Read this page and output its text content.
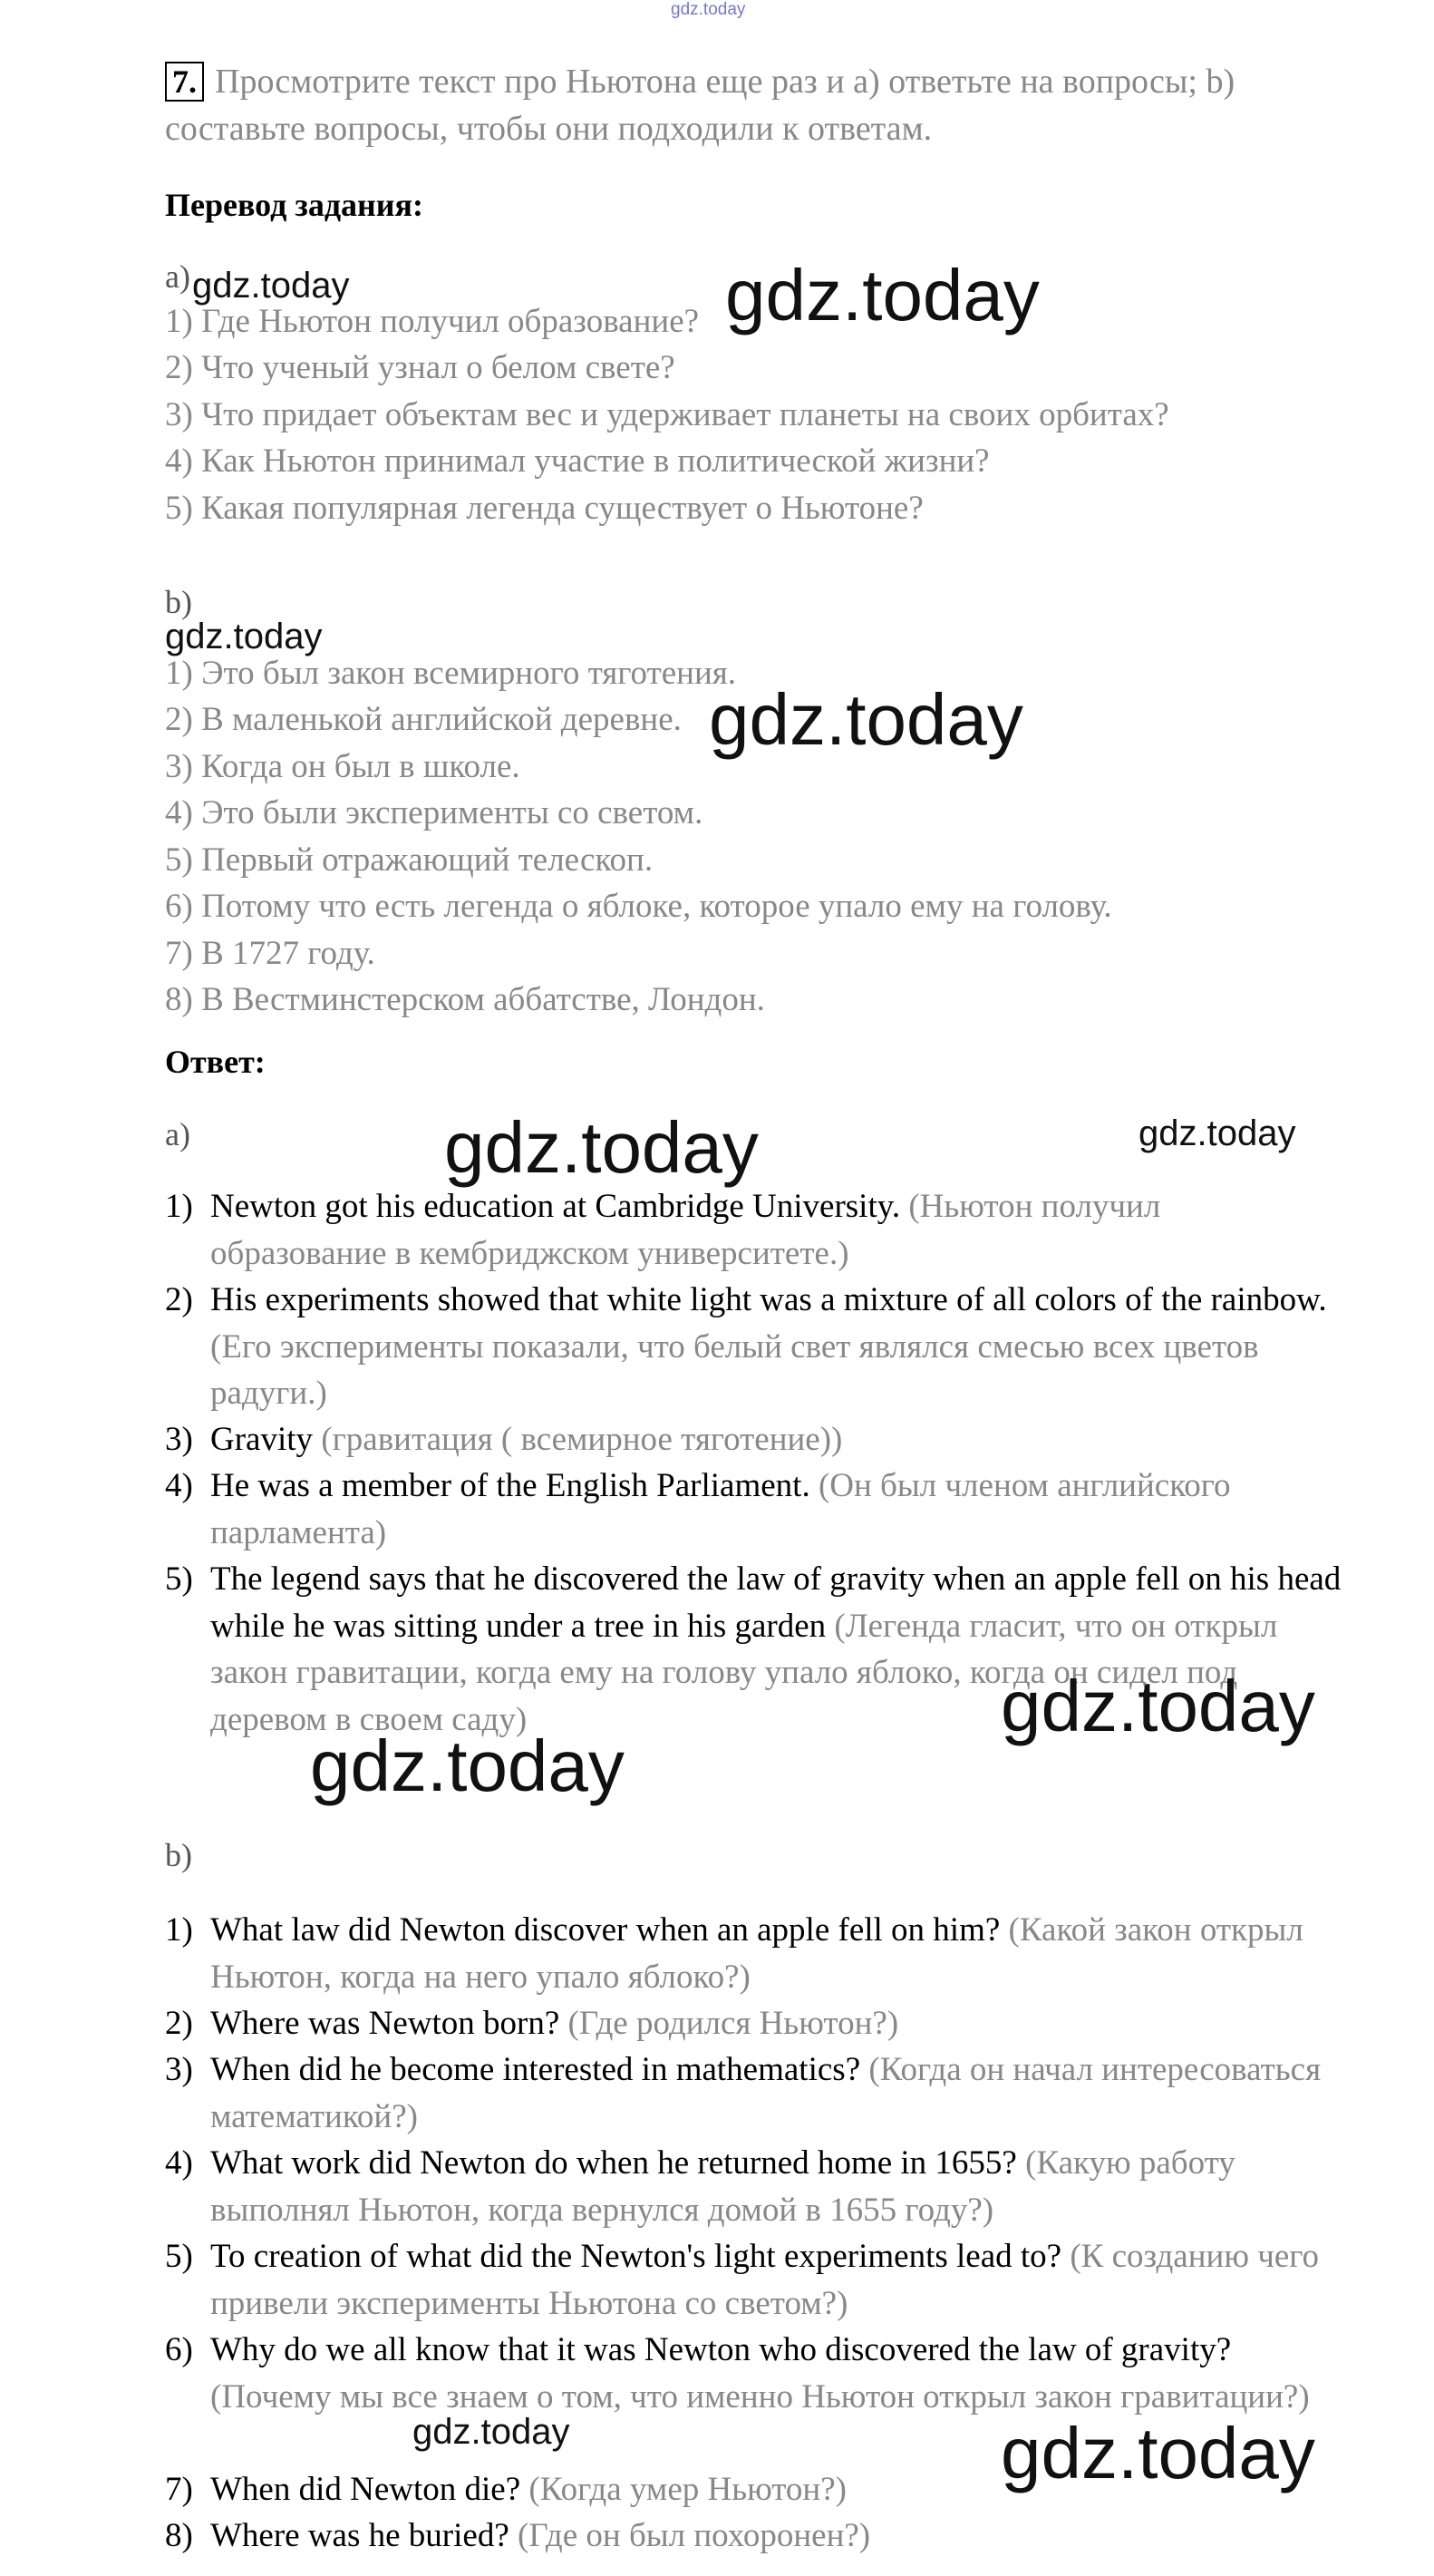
gdz.today
7. Просмотрите текст про Ньютона еще раз и а) ответьте на вопросы; b) составьте вопросы, чтобы они подходили к ответам.
Перевод задания:
a)
1) Где Ньютон получил образование?
2) Что ученый узнал о белом свете?
3) Что придает объектам вес и удерживает планеты на своих орбитах?
4) Как Ньютон принимал участие в политической жизни?
5) Какая популярная легенда существует о Ньютоне?
b)
1) Это был закон всемирного тяготения.
2) В маленькой английской деревне.
3) Когда он был в школе.
4) Это были эксперименты со светом.
5) Первый отражающий телескоп.
6) Потому что есть легенда о яблоке, которое упало ему на голову.
7) В 1727 году.
8) В Вестминстерском аббатстве, Лондон.
Ответ:
a)
1) Newton got his education at Cambridge University. (Ньютон получил образование в кембриджском университете.)
2) His experiments showed that white light was a mixture of all colors of the rainbow. (Его эксперименты показали, что белый свет являлся смесью всех цветов радуги.)
3) Gravity (гравитация ( всемирное тяготение))
4) He was a member of the English Parliament. (Он был членом английского парламента)
5) The legend says that he discovered the law of gravity when an apple fell on his head while he was sitting under a tree in his garden (Легенда гласит, что он открыл закон гравитации, когда ему на голову упало яблоко, когда он сидел под деревом в своем саду)
b)
1) What law did Newton discover when an apple fell on him? (Какой закон открыл Ньютон, когда на него упало яблоко?)
2) Where was Newton born? (Где родился Ньютон?)
3) When did he become interested in mathematics? (Когда он начал интересоваться математикой?)
4) What work did Newton do when he returned home in 1655? (Какую работу выполнял Ньютон, когда вернулся домой в 1655 году?)
5) To creation of what did the Newton's light experiments lead to? (К созданию чего привели эксперименты Ньютона со светом?)
6) Why do we all know that it was Newton who discovered the law of gravity? (Почему мы все знаем о том, что именно Ньютон открыл закон гравитации?)
7) When did Newton die? (Когда умер Ньютон?)
8) Where was he buried? (Где он был похоронен?)
gdz.today	gdz.today
gdz.today
gdz.today
gdz.today	gdz.today
gdz.today
gdz.today
gdz.today	gdz.today
